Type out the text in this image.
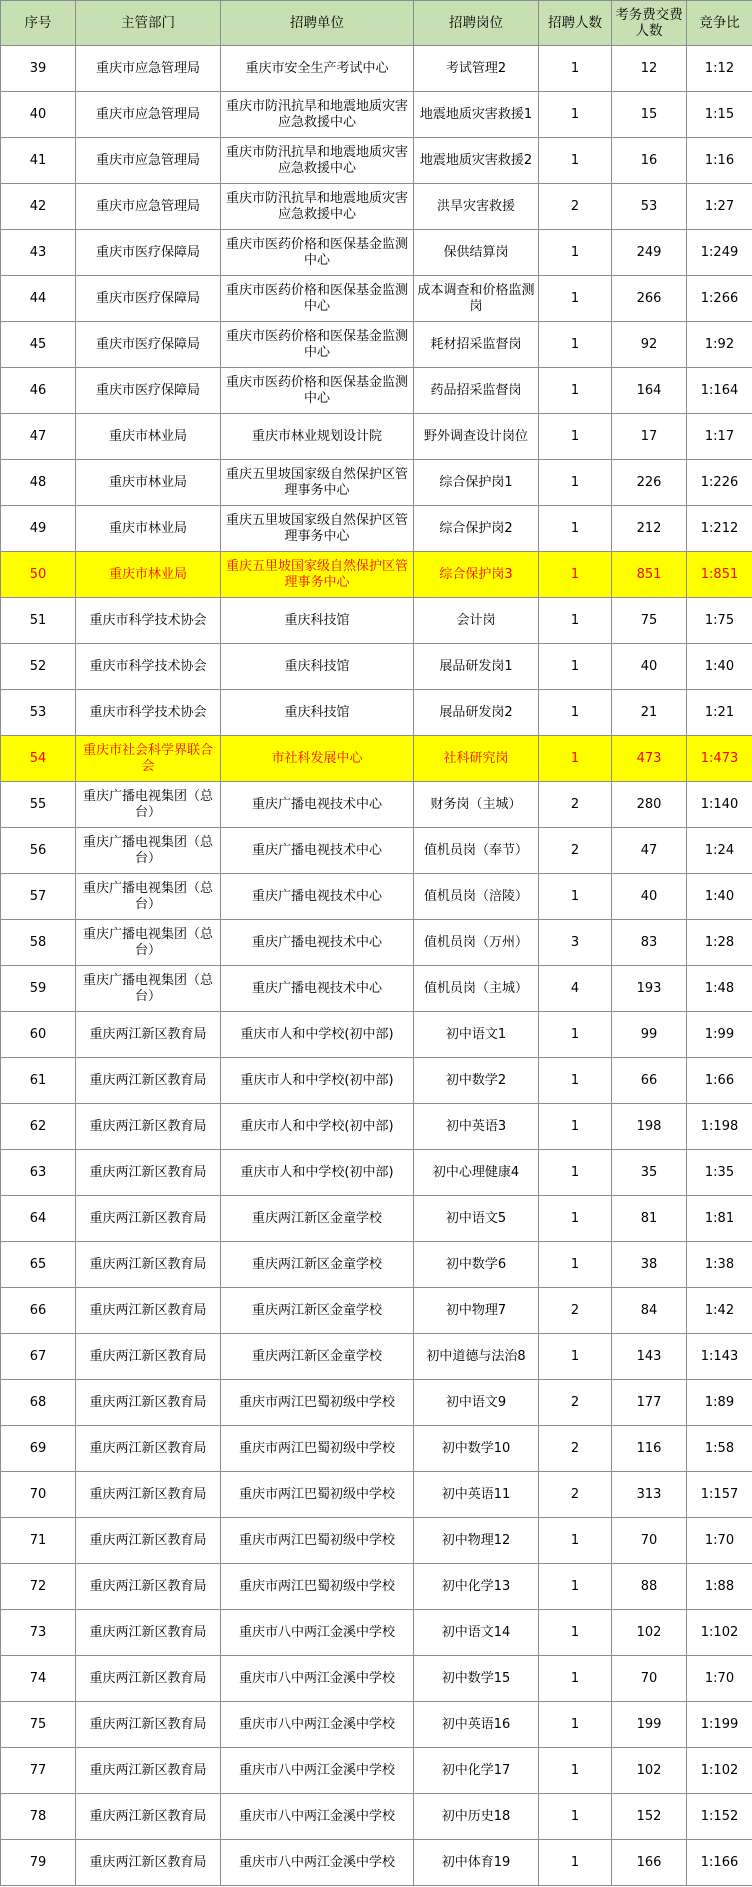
序号	主管部门	招聘单位	招聘岗位	招聘人数	考务费交费人数	竞争比
39	重庆市应急管理局	重庆市安全生产考试中心	考试管理2	1	12	1:12
40	重庆市应急管理局	重庆市防汛抗旱和地震地质灾害应急救援中心	地震地质灾害救援1	1	15	1:15
41	重庆市应急管理局	重庆市防汛抗旱和地震地质灾害应急救援中心	地震地质灾害救援2	1	16	1:16
42	重庆市应急管理局	重庆市防汛抗旱和地震地质灾害应急救援中心	洪旱灾害救援	2	53	1:27
43	重庆市医疗保障局	重庆市医药价格和医保基金监测中心	保供结算岗	1	249	1:249
44	重庆市医疗保障局	重庆市医药价格和医保基金监测中心	成本调查和价格监测岗	1	266	1:266
45	重庆市医疗保障局	重庆市医药价格和医保基金监测中心	耗材招采监督岗	1	92	1:92
46	重庆市医疗保障局	重庆市医药价格和医保基金监测中心	药品招采监督岗	1	164	1:164
47	重庆市林业局	重庆市林业规划设计院	野外调查设计岗位	1	17	1:17
48	重庆市林业局	重庆五里坡国家级自然保护区管理事务中心	综合保护岗1	1	226	1:226
49	重庆市林业局	重庆五里坡国家级自然保护区管理事务中心	综合保护岗2	1	212	1:212
50	重庆市林业局	重庆五里坡国家级自然保护区管理事务中心	综合保护岗3	1	851	1:851
51	重庆市科学技术协会	重庆科技馆	会计岗	1	75	1:75
52	重庆市科学技术协会	重庆科技馆	展品研发岗1	1	40	1:40
53	重庆市科学技术协会	重庆科技馆	展品研发岗2	1	21	1:21
54	重庆市社会科学界联合会	市社科发展中心	社科研究岗	1	473	1:473
55	重庆广播电视集团（总台）	重庆广播电视技术中心	财务岗（主城）	2	280	1:140
56	重庆广播电视集团（总台）	重庆广播电视技术中心	值机员岗（奉节）	2	47	1:24
57	重庆广播电视集团（总台）	重庆广播电视技术中心	值机员岗（涪陵）	1	40	1:40
58	重庆广播电视集团（总台）	重庆广播电视技术中心	值机员岗（万州）	3	83	1:28
59	重庆广播电视集团（总台）	重庆广播电视技术中心	值机员岗（主城）	4	193	1:48
60	重庆两江新区教育局	重庆市人和中学校(初中部)	初中语文1	1	99	1:99
61	重庆两江新区教育局	重庆市人和中学校(初中部)	初中数学2	1	66	1:66
62	重庆两江新区教育局	重庆市人和中学校(初中部)	初中英语3	1	198	1:198
63	重庆两江新区教育局	重庆市人和中学校(初中部)	初中心理健康4	1	35	1:35
64	重庆两江新区教育局	重庆两江新区金童学校	初中语文5	1	81	1:81
65	重庆两江新区教育局	重庆两江新区金童学校	初中数学6	1	38	1:38
66	重庆两江新区教育局	重庆两江新区金童学校	初中物理7	2	84	1:42
67	重庆两江新区教育局	重庆两江新区金童学校	初中道德与法治8	1	143	1:143
68	重庆两江新区教育局	重庆市两江巴蜀初级中学校	初中语文9	2	177	1:89
69	重庆两江新区教育局	重庆市两江巴蜀初级中学校	初中数学10	2	116	1:58
70	重庆两江新区教育局	重庆市两江巴蜀初级中学校	初中英语11	2	313	1:157
71	重庆两江新区教育局	重庆市两江巴蜀初级中学校	初中物理12	1	70	1:70
72	重庆两江新区教育局	重庆市两江巴蜀初级中学校	初中化学13	1	88	1:88
73	重庆两江新区教育局	重庆市八中两江金溪中学校	初中语文14	1	102	1:102
74	重庆两江新区教育局	重庆市八中两江金溪中学校	初中数学15	1	70	1:70
75	重庆两江新区教育局	重庆市八中两江金溪中学校	初中英语16	1	199	1:199
77	重庆两江新区教育局	重庆市八中两江金溪中学校	初中化学17	1	102	1:102
78	重庆两江新区教育局	重庆市八中两江金溪中学校	初中历史18	1	152	1:152
79	重庆两江新区教育局	重庆市八中两江金溪中学校	初中体育19	1	166	1:166
